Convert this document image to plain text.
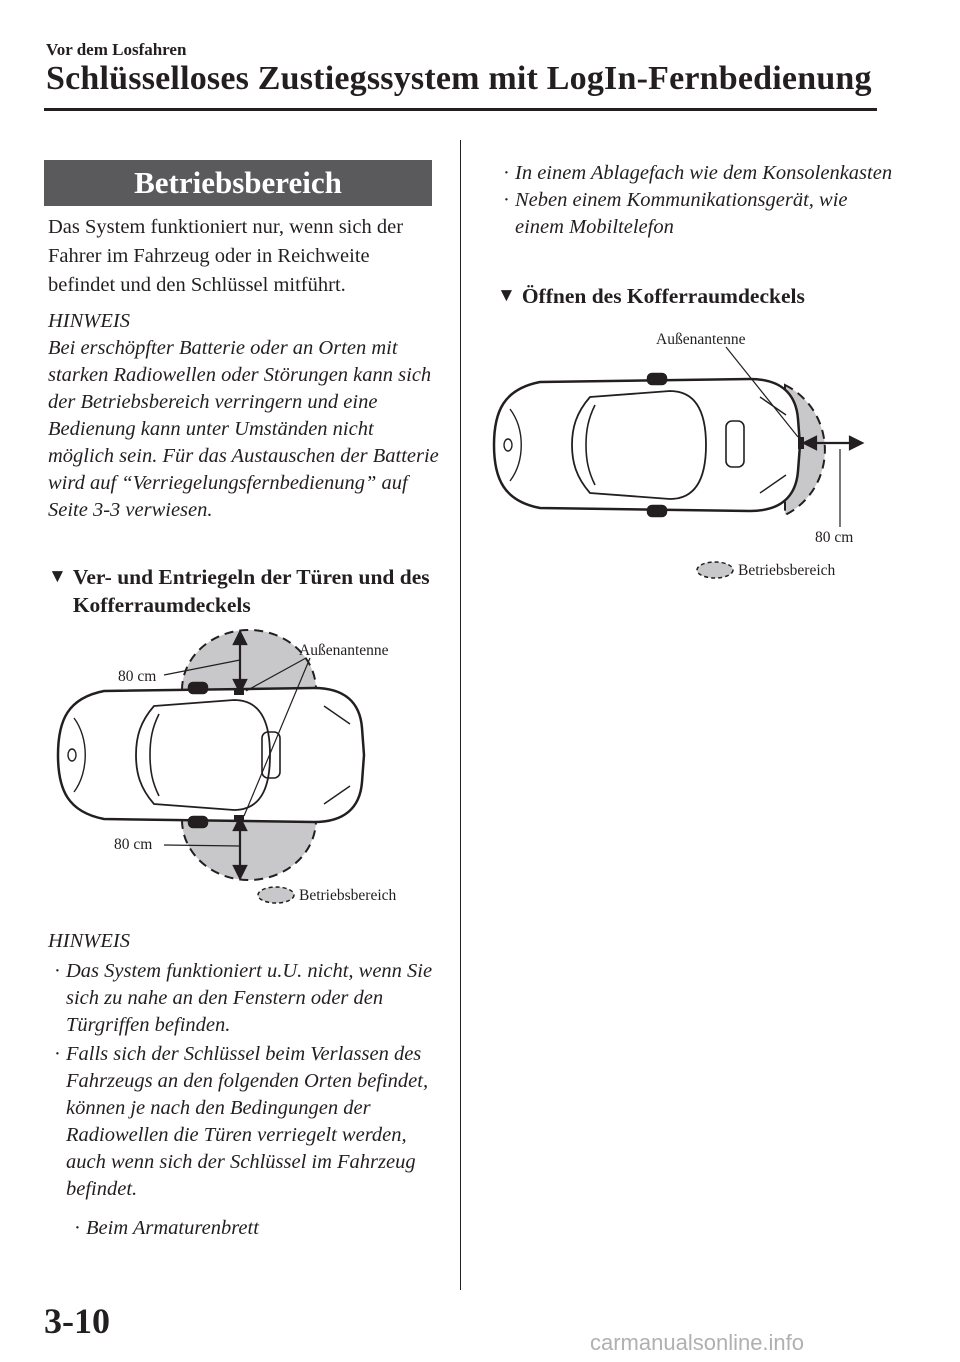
Vor dem Losfahren
Schlüsselloses Zustiegssystem mit LogIn-Fernbedienung
Betriebsbereich
Das System funktioniert nur, wenn sich der Fahrer im Fahrzeug oder in Reichweite befindet und den Schlüssel mitführt.
HINWEIS
Bei erschöpfter Batterie oder an Orten mit starken Radiowellen oder Störungen kann sich der Betriebsbereich verringern und eine Bedienung kann unter Umständen nicht möglich sein. Für das Austauschen der Batterie wird auf “Verriegelungsfernbedienung” auf Seite 3-3 verwiesen.
▼ Ver- und Entriegeln der Türen und des Kofferraumdeckels
Außenantenne
80 cm
80 cm
Betriebsbereich
HINWEIS
· Das System funktioniert u.U. nicht, wenn Sie sich zu nahe an den Fenstern oder den Türgriffen befinden.
· Falls sich der Schlüssel beim Verlassen des Fahrzeugs an den folgenden Orten befindet, können je nach den Bedingungen der Radiowellen die Türen verriegelt werden, auch wenn sich der Schlüssel im Fahrzeug befindet.
· Beim Armaturenbrett
· In einem Ablagefach wie dem Konsolenkasten
· Neben einem Kommunikationsgerät, wie einem Mobiltelefon
▼ Öffnen des Kofferraumdeckels
Außenantenne
80 cm
Betriebsbereich
3-10
carmanualsonline.info
